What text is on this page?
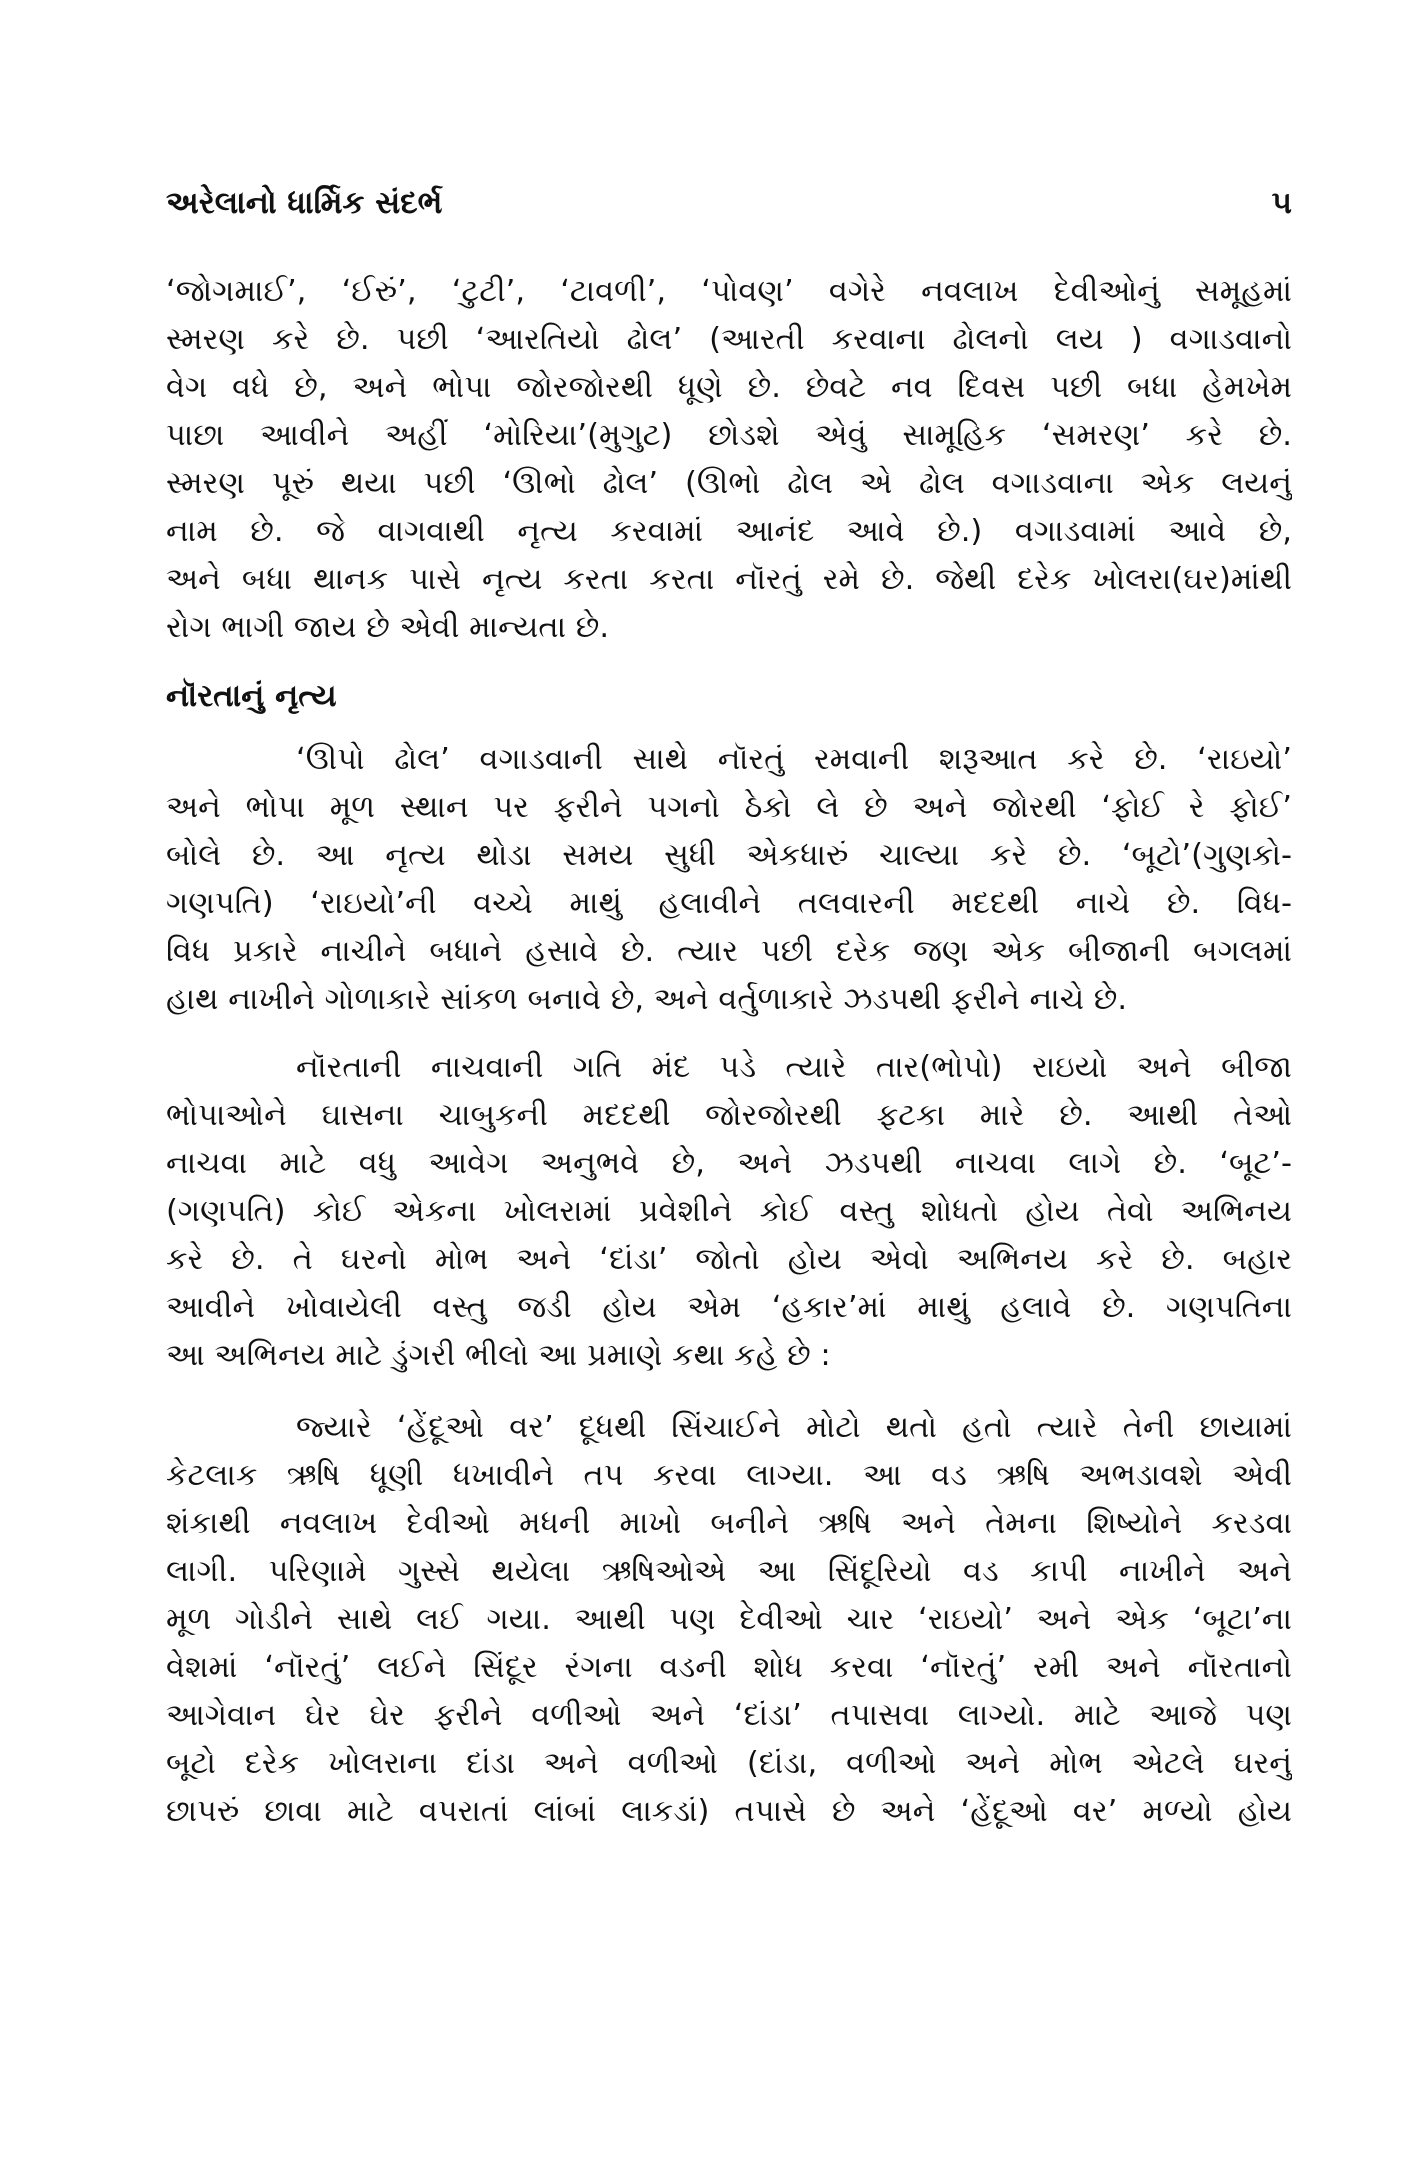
અરેલાનો ધાર્મિક સંદર્ભ	૫
‘જોગમાઈ’, ‘ઈરું’, ‘ટુટી’, ‘ટાવળી’, ‘પોવણ’ વગેરે નવલાખ દેવીઓનું સમૂહમાં
સ્મરણ કરે છે. પછી ‘આરતિયો ઢોલ’ (આરતી કરવાના ઢોલનો લય ) વગાડવાનો
વેગ વધે છે, અને ભોપા જોરજોરથી ધૂણે છે. છેવટે નવ દિવસ પછી બધા હેમખેમ
પાછા આવીને અહીં ‘મોરિયા’(મુગુટ) છોડશે એવું સામૂહિક ‘સમરણ’ કરે છે.
સ્મરણ પૂરું થયા પછી ‘ઊભો ઢોલ’ (ઊભો ઢોલ એ ઢોલ વગાડવાના એક લયનું
નામ છે. જે વાગવાથી નૃત્ય કરવામાં આનંદ આવે છે.) વગાડવામાં આવે છે,
અને બધા થાનક પાસે નૃત્ય કરતા કરતા નૉરતું રમે છે. જેથી દરેક ખોલરા(ઘર)માંથી
રોગ ભાગી જાય છે એવી માન્યતા છે.
નૉરતાનું નૃત્ય
‘ઊપો ઢોલ’ વગાડવાની સાથે નૉરતું રમવાની શરૂઆત કરે છે. ‘રાઇયો’
અને ભોપા મૂળ સ્થાન પર ફરીને પગનો ઠેકો લે છે અને જોરથી ‘ફોઈ રે ફોઈ’
બોલે છે. આ નૃત્ય થોડા સમય સુધી એકધારું ચાલ્યા કરે છે. ‘બૂટો’(ગુણકો-
ગણપતિ) ‘રાઇયો’ની વચ્ચે માથું હલાવીને તલવારની મદદથી નાચે છે. વિધ-
વિધ પ્રકારે નાચીને બધાને હસાવે છે. ત્યાર પછી દરેક જણ એક બીજાની બગલમાં
હાથ નાખીને ગોળાકારે સાંકળ બનાવે છે, અને વર્તુળાકારે ઝડપથી ફરીને નાચે છે.
નૉરતાની નાચવાની ગતિ મંદ પડે ત્યારે તાર(ભોપો) રાઇયો અને બીજા
ભોપાઓને ઘાસના ચાબુકની મદદથી જોરજોરથી ફટકા મારે છે. આથી તેઓ
નાચવા માટે વધુ આવેગ અનુભવે છે, અને ઝડપથી નાચવા લાગે છે. ‘બૂટ’-
(ગણપતિ) કોઈ એકના ખોલરામાં પ્રવેશીને કોઈ વસ્તુ શોધતો હોય તેવો અભિનય
કરે છે. તે ઘરનો મોભ અને ‘દાંડા’ જોતો હોય એવો અભિનય કરે છે. બહાર
આવીને ખોવાયેલી વસ્તુ જડી હોય એમ ‘હકાર’માં માથું હલાવે છે. ગણપતિના
આ અભિનય માટે ડુંગરી ભીલો આ પ્રમાણે કથા કહે છે :
જ્યારે ‘હેંદૂઓ વર’ દૂધથી સિંચાઈને મોટો થતો હતો ત્યારે તેની છાયામાં
કેટલાક ઋષિ ધૂણી ધખાવીને તપ કરવા લાગ્યા. આ વડ ઋષિ અભડાવશે એવી
શંકાથી નવલાખ દેવીઓ મધની માખો બનીને ઋષિ અને તેમના શિષ્યોને કરડવા
લાગી. પરિણામે ગુસ્સે થયેલા ઋષિઓએ આ સિંદૂરિયો વડ કાપી નાખીને અને
મૂળ ગોડીને સાથે લઈ ગયા. આથી પણ દેવીઓ ચાર ‘રાઇયો’ અને એક ‘બૂટા’ના
વેશમાં ‘નૉરતું’ લઈને સિંદૂર રંગના વડની શોધ કરવા ‘નૉરતું’ રમી અને નૉરતાનો
આગેવાન ઘેર ઘેર ફરીને વળીઓ અને ‘દાંડા’ તપાસવા લાગ્યો. માટે આજે પણ
બૂટો દરેક ખોલરાના દાંડા અને વળીઓ (દાંડા, વળીઓ અને મોભ એટલે ઘરનું
છાપરું છાવા માટે વપરાતાં લાંબાં લાકડાં) તપાસે છે અને ‘હેંદૂઓ વર’ મળ્યો હોય
